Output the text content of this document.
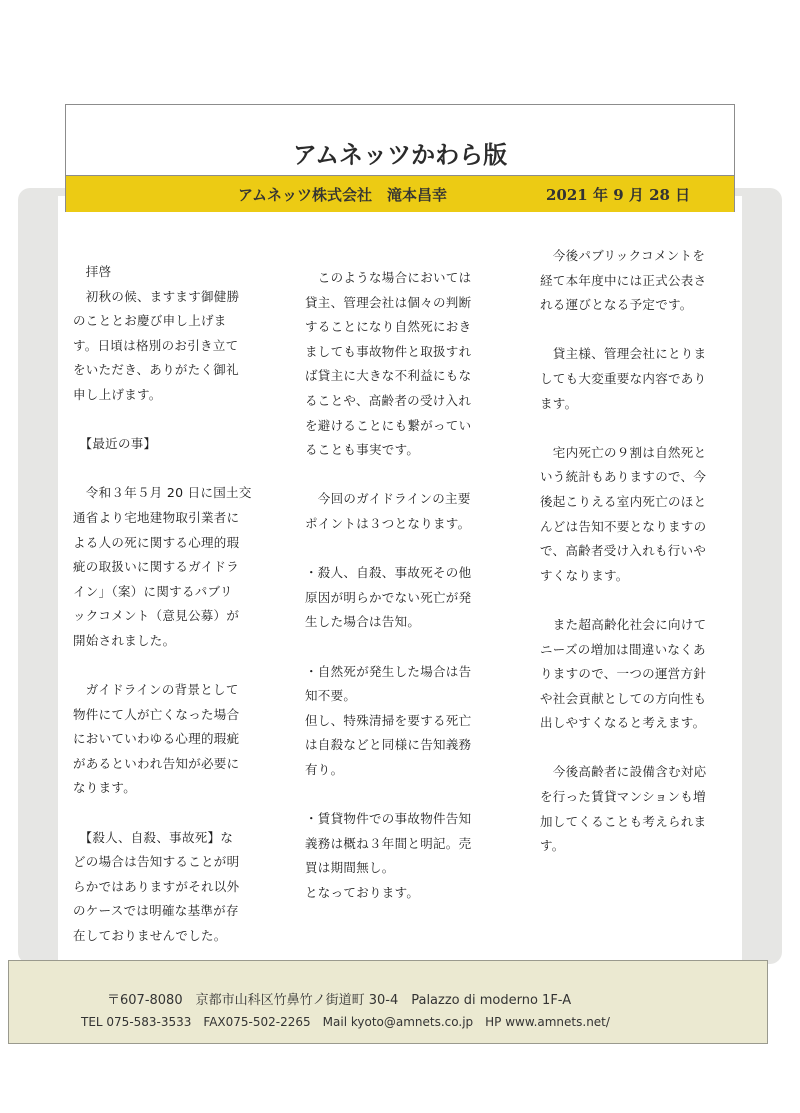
アムネッツかわら版
アムネッツ株式会社　滝本昌幸	2021 年 9 月 28 日
　拝啓
　初秋の候、ますます御健勝
のこととお慶び申し上げま
す。日頃は格別のお引き立て
をいただき、ありがたく御礼
申し上げます。

　【最近の事】

　令和３年５月 20 日に国土交
通省より宅地建物取引業者に
よる人の死に関する心理的瑕
疵の取扱いに関するガイドラ
イン」（案）に関するパブリ
ックコメント（意見公募）が
開始されました。

　ガイドラインの背景として
物件にて人が亡くなった場合
においていわゆる心理的瑕疵
があるといわれ告知が必要に
なります。

　【殺人、自殺、事故死】な
どの場合は告知することが明
らかではありますがそれ以外
のケースでは明確な基準が存
在しておりませんでした。
　このような場合においては
貸主、管理会社は個々の判断
することになり自然死におき
ましても事故物件と取扱すれ
ば貸主に大きな不利益にもな
ることや、高齢者の受け入れ
を避けることにも繋がってい
ることも事実です。

　今回のガイドラインの主要
ポイントは３つとなります。

・殺人、自殺、事故死その他
原因が明らかでない死亡が発
生した場合は告知。

・自然死が発生した場合は告
知不要。
但し、特殊清掃を要する死亡
は自殺などと同様に告知義務
有り。

・賃貸物件での事故物件告知
義務は概ね３年間と明記。売
買は期間無し。
となっております。
　今後パブリックコメントを
経て本年度中には正式公表さ
れる運びとなる予定です。

　貸主様、管理会社にとりま
しても大変重要な内容であり
ます。

　宅内死亡の９割は自然死と
いう統計もありますので、今
後起こりえる室内死亡のほと
んどは告知不要となりますの
で、高齢者受け入れも行いや
すくなります。

　また超高齢化社会に向けて
ニーズの増加は間違いなくあ
りますので、一つの運営方針
や社会貢献としての方向性も
出しやすくなると考えます。

　今後高齢者に設備含む対応
を行った賃貸マンションも増
加してくることも考えられま
す。
〒607-8080　京都市山科区竹鼻竹ノ街道町 30-4　Palazzo di moderno 1F-A
TEL 075-583-3533　FAX075-502-2265　Mail kyoto@amnets.co.jp　HP www.amnets.net/
